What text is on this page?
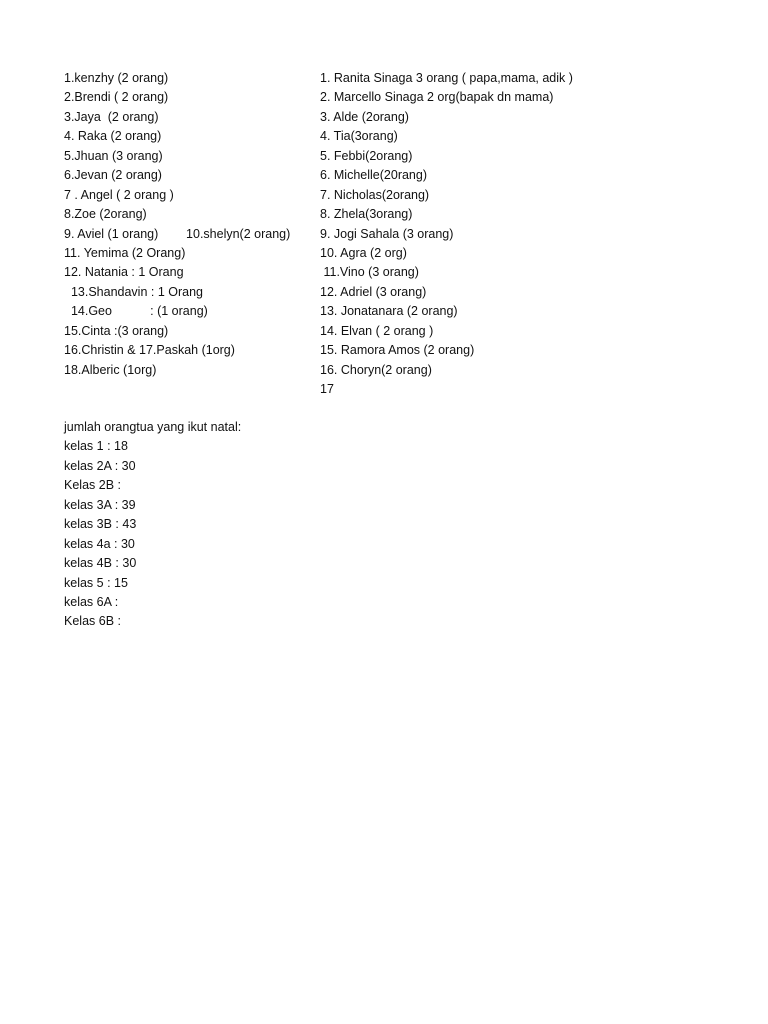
1.kenzhy (2 orang)
2.Brendi ( 2 orang)
3.Jaya  (2 orang)
4. Raka (2 orang)
5.Jhuan (3 orang)
6.Jevan (2 orang)
7 . Angel ( 2 orang )
8.Zoe (2orang)
9. Aviel (1 orang)        10.shelyn(2 orang)
11. Yemima (2 Orang)
12. Natania : 1 Orang
13.Shandavin : 1 Orang
14.Geo           : (1 orang)
15.Cinta :(3 orang)
16.Christin & 17.Paskah (1org)
18.Alberic (1org)
1. Ranita Sinaga 3 orang ( papa,mama, adik )
2. Marcello Sinaga 2 org(bapak dn mama)
3. Alde (2orang)
4. Tia(3orang)
5. Febbi(2orang)
6. Michelle(20rang)
7. Nicholas(2orang)
8. Zhela(3orang)
9. Jogi Sahala (3 orang)
10. Agra (2 org)
11.Vino (3 orang)
12. Adriel (3 orang)
13. Jonatanara (2 orang)
14. Elvan ( 2 orang )
15. Ramora Amos (2 orang)
16. Choryn(2 orang)
17
jumlah orangtua yang ikut natal:
kelas 1 : 18
kelas 2A : 30
Kelas 2B :
kelas 3A : 39
kelas 3B : 43
kelas 4a : 30
kelas 4B : 30
kelas 5 : 15
kelas 6A :
Kelas 6B :
